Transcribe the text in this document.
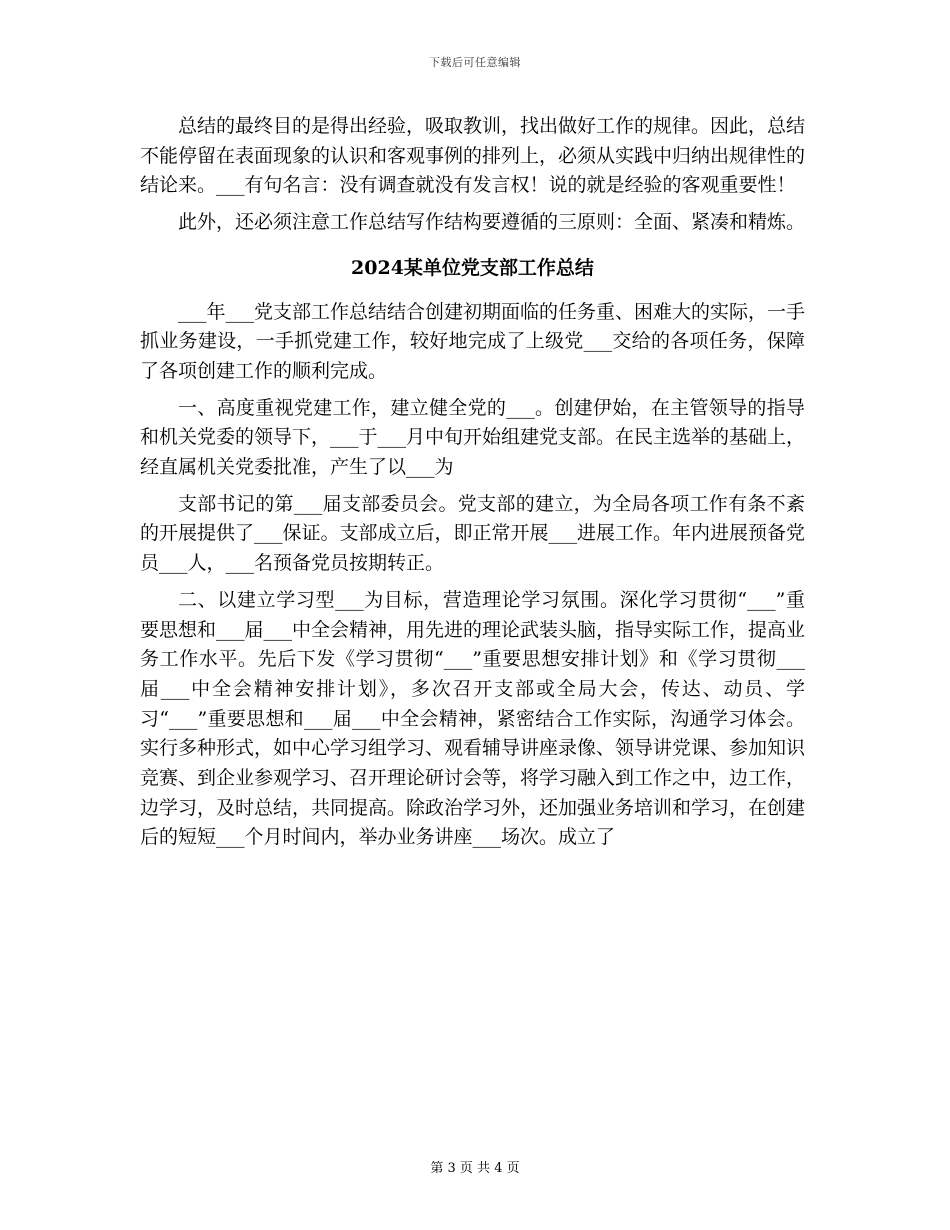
下载后可任意编辑

总结的最终目的是得出经验，吸取教训，找出做好工作的规律。因此，总结不能停留在表面现象的认识和客观事例的排列上，必须从实践中归纳出规律性的结论来。___有句名言：没有调查就没有发言权！说的就是经验的客观重要性！

此外，还必须注意工作总结写作结构要遵循的三原则：全面、紧凑和精炼。

2024某单位党支部工作总结

___年___党支部工作总结结合创建初期面临的任务重、困难大的实际，一手抓业务建设，一手抓党建工作，较好地完成了上级党___交给的各项任务，保障了各项创建工作的顺利完成。

一、高度重视党建工作，建立健全党的___。创建伊始，在主管领导的指导和机关党委的领导下，___于___月中旬开始组建党支部。在民主选举的基础上，经直属机关党委批准，产生了以___为

支部书记的第___届支部委员会。党支部的建立，为全局各项工作有条不紊的开展提供了___保证。支部成立后，即正常开展___进展工作。年内进展预备党员___人，___名预备党员按期转正。

二、以建立学习型___为目标，营造理论学习氛围。深化学习贯彻“___”重要思想和___届___中全会精神，用先进的理论武装头脑，指导实际工作，提高业务工作水平。先后下发《学习贯彻“___”重要思想安排计划》和《学习贯彻___届___中全会精神安排计划》，多次召开支部或全局大会，传达、动员、学习“___”重要思想和___届___中全会精神，紧密结合工作实际，沟通学习体会。实行多种形式，如中心学习组学习、观看辅导讲座录像、领导讲党课、参加知识竞赛、到企业参观学习、召开理论研讨会等，将学习融入到工作之中，边工作，边学习，及时总结，共同提高。除政治学习外，还加强业务培训和学习，在创建后的短短___个月时间内，举办业务讲座___场次。成立了

第 3 页 共 4 页
